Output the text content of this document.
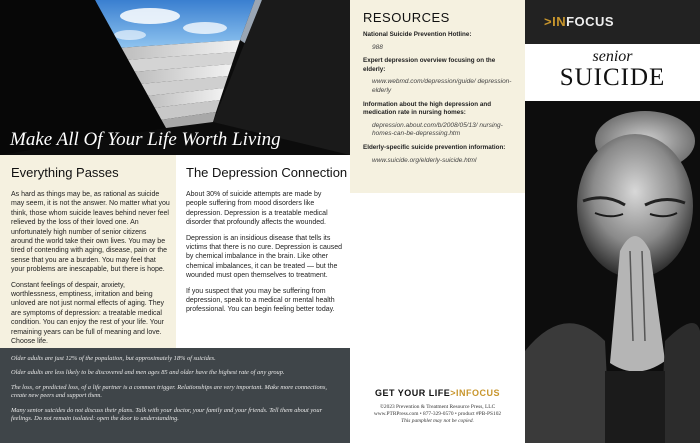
Make All Of Your Life Worth Living
Everything Passes

As hard as things may be, as rational as suicide may seem, it is not the answer. No matter what you think, those whom suicide leaves behind never feel relieved by the loss of their loved one. An unfortunately high number of senior citizens around the world take their own lives. You may be tired of contending with aging, disease, pain or the sense that you are a burden. You may feel that your problems are inescapable, but there is hope.

Constant feelings of despair, anxiety, worthlessness, emptiness, irritation and being unloved are not just normal effects of aging. They are symptoms of depression: a treatable medical condition. You can enjoy the rest of your life. Your remaining years can be full of meaning and love. Choose life.

The Depression Connection

About 30% of suicide attempts are made by people suffering from mood disorders like depression. Depression is a treatable medical disorder that profoundly affects the wounded.

Depression is an insidious disease that tells its victims that there is no cure. Depression is caused by chemical imbalance in the brain. Like other chemical imbalances, it can be treated — but the wounded must open themselves to treatment.

If you suspect that you may be suffering from depression, speak to a medical or mental health professional. You can begin feeling better today.

Older adults are just 12% of the population, but approximately 18% of suicides.

Older adults are less likely to be discovered and men ages 85 and older have the highest rate of any group.

The loss, or predicted loss, of a life partner is a common trigger. Relationships are very important. Make more connections, create new peers and support them.

Many senior suicides do not discuss their plans. Talk with your doctor, your family and your friends. Tell them about your feelings. Do not remain isolated: open the door to understanding.

RESOURCES
National Suicide Prevention Hotline:
988
Expert depression overview focusing on the elderly:
www.webmd.com/depression/guide/ depression-elderly
Information about the high depression and medication rate in nursing homes:
depression.about.com/b/2008/05/13/ nursing-homes-can-be-depressing.htm
Elderly-specific suicide prevention information:
www.suicide.org/elderly-suicide.html
GET YOUR LIFE>INFOCUS
©2023 Prevention & Treatment Resource Press, LLC
www.PTRPress.com • 877-329-0570 • product #PB-PS102
This pamphlet may not be copied.
>INFOCUS
senior
SUICIDE
